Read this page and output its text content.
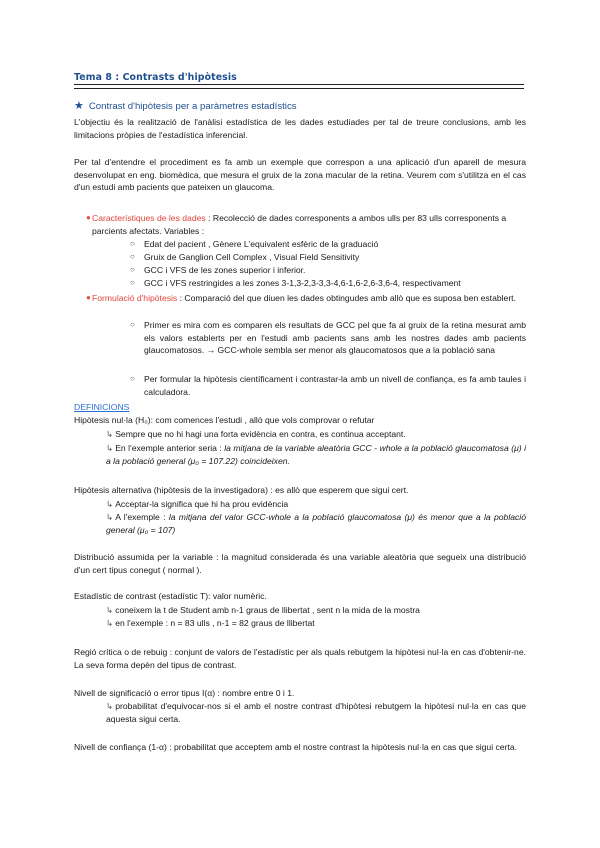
Tema 8 : Contrasts d'hipòtesis
★ Contrast d'hipòtesis per a paràmetres estadístics
L'objectiu és la realització de l'anàlisi estadística de les dades estudiades per tal de treure conclusions, amb les limitacions pròpies de l'estadística inferencial.
Per tal d'entendre el procediment es fa amb un exemple que correspon a una aplicació d'un aparell de mesura desenvolupat en eng. biomèdica, que mesura el gruix de la zona macular de la retina. Veurem com s'utilitza en el cas d'un estudi amb pacients que pateixen un glaucoma.
● Característiques de les dades : Recolecció de dades corresponents a ambos ulls per 83 ulls corresponents a parcients afectats. Variables :
○ Edat del pacient , Gènere L'equivalent esfèric de la graduació
○ Gruix de Ganglion Cell Complex , Visual Field Sensitivity
○ GCC i VFS de les zones superior i inferior.
○ GCC i VFS restringides a les zones 3-1,3-2,3-3,3-4,6-1,6-2,6-3,6-4, respectivament
● Formulació d'hipòtesis : Comparació del que diuen les dades obtingudes amb allò que es suposa ben establert.
○ Primer es mira com es comparen els resultats de GCC pel que fa al gruix de la retina mesurat amb els valors establerts per en l'estudi amb pacients sans amb les nostres dades amb pacients glaucomatosos. → GCC-whole sembla ser menor als glaucomatosos que a la població sana
○ Per formular la hipòtesis científicament i contrastar-la amb un nivell de confiança, es fa amb taules i calculadora.
DEFINICIONS
Hipòtesis nul·la (H₀): com comences l'estudi , allò que vols comprovar o refutar
↳ Sempre que no hi hagi una forta evidència en contra, es continua acceptant.
↳ En l'exemple anterior seria : la mitjana de la variable aleatòria GCC - whole a la població glaucomatosa (μ) i a la població general (μ₀ = 107.22) coincideixen.
Hipòtesis alternativa (hipòtesis de la investigadora) : es allò que esperem que sigui cert.
↳ Acceptar-la significa que hi ha prou evidència
↳ A l'exemple : la mitjana del valor GCC-whole a la població glaucomatosa (μ) és menor que a la població general (μ₀ = 107)
Distribució assumida per la variable : la magnitud considerada és una variable aleatòria que segueix una distribució d'un cert tipus conegut ( normal ).
Estadístic de contrast (estadístic T): valor numèric.
↳ coneixem la t de Student amb n-1 graus de llibertat , sent n la mida de la mostra
↳ en l'exemple : n = 83 ulls , n-1 = 82 graus de llibertat
Regió crítica o de rebuig : conjunt de valors de l'estadístic per als quals rebutgem la hipòtesi nul·la en cas d'obtenir-ne. La seva forma depèn del tipus de contrast.
Nivell de significació o error tipus I(α) : nombre entre 0 i 1.
↳ probabilitat d'equivocar-nos si el amb el nostre contrast d'hipòtesi rebutgem la hipòtesi nul·la en cas que aquesta sigui certa.
Nivell de confiança (1-α) : probabilitat que acceptem amb el nostre contrast la hipòtesis nul·la en cas que sigui certa.
